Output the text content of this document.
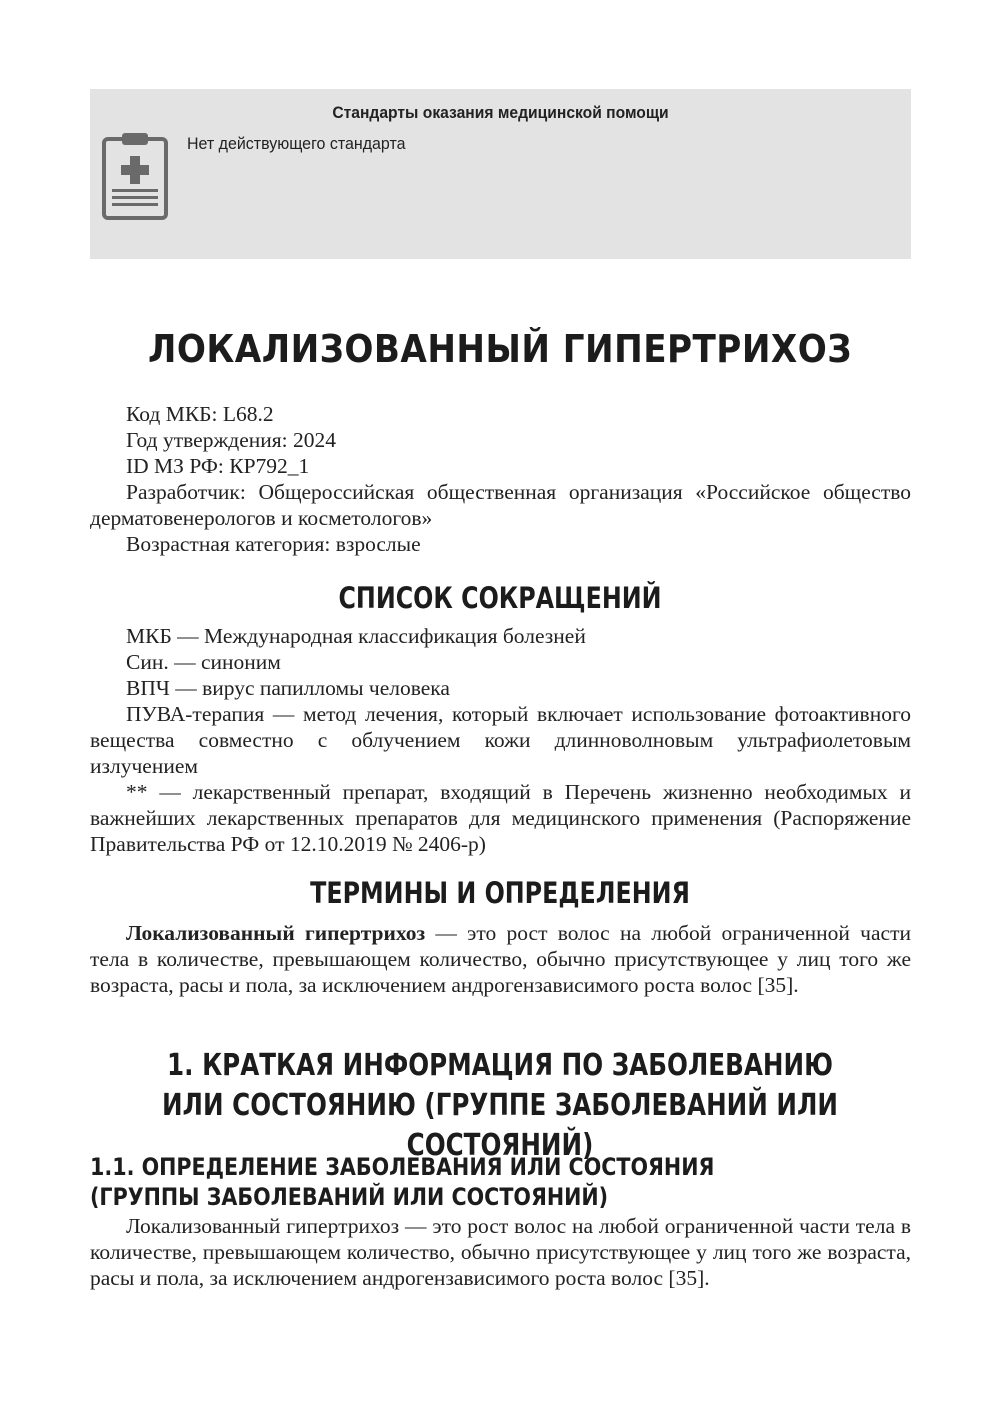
Стандарты оказания медицинской помощи
Нет действующего стандарта
ЛОКАЛИЗОВАННЫЙ ГИПЕРТРИХОЗ

Код МКБ: L68.2

Год утверждения: 2024

ID МЗ РФ: КР792_1

Разработчик: Общероссийская общественная организация «Российское общество дерматовенерологов и косметологов»

Возрастная категория: взрослые

СПИСОК СОКРАЩЕНИЙ

МКБ — Международная классификация болезней

Син. — синоним

ВПЧ — вирус папилломы человека

ПУВА-терапия — метод лечения, который включает использование фотоактивного вещества совместно с облучением кожи длинноволновым ультрафиолетовым излучением

** — лекарственный препарат, входящий в Перечень жизненно необходимых и важнейших лекарственных препаратов для медицинского применения (Распоряжение Правительства РФ от 12.10.2019 № 2406-р)

ТЕРМИНЫ И ОПРЕДЕЛЕНИЯ

Локализованный гипертрихоз — это рост волос на любой ограниченной части тела в количестве, превышающем количество, обычно присутствующее у лиц того же возраста, расы и пола, за исключением андрогензависимого роста волос [35].

1. КРАТКАЯ ИНФОРМАЦИЯ ПО ЗАБОЛЕВАНИЮ
ИЛИ СОСТОЯНИЮ (ГРУППЕ ЗАБОЛЕВАНИЙ ИЛИ СОСТОЯНИЙ)
1.1. ОПРЕДЕЛЕНИЕ ЗАБОЛЕВАНИЯ ИЛИ СОСТОЯНИЯ
(ГРУППЫ ЗАБОЛЕВАНИЙ ИЛИ СОСТОЯНИЙ)

Локализованный гипертрихоз — это рост волос на любой ограниченной части тела в количестве, превышающем количество, обычно присутствующее у лиц того же возраста, расы и пола, за исключением андрогензависимого роста волос [35].
